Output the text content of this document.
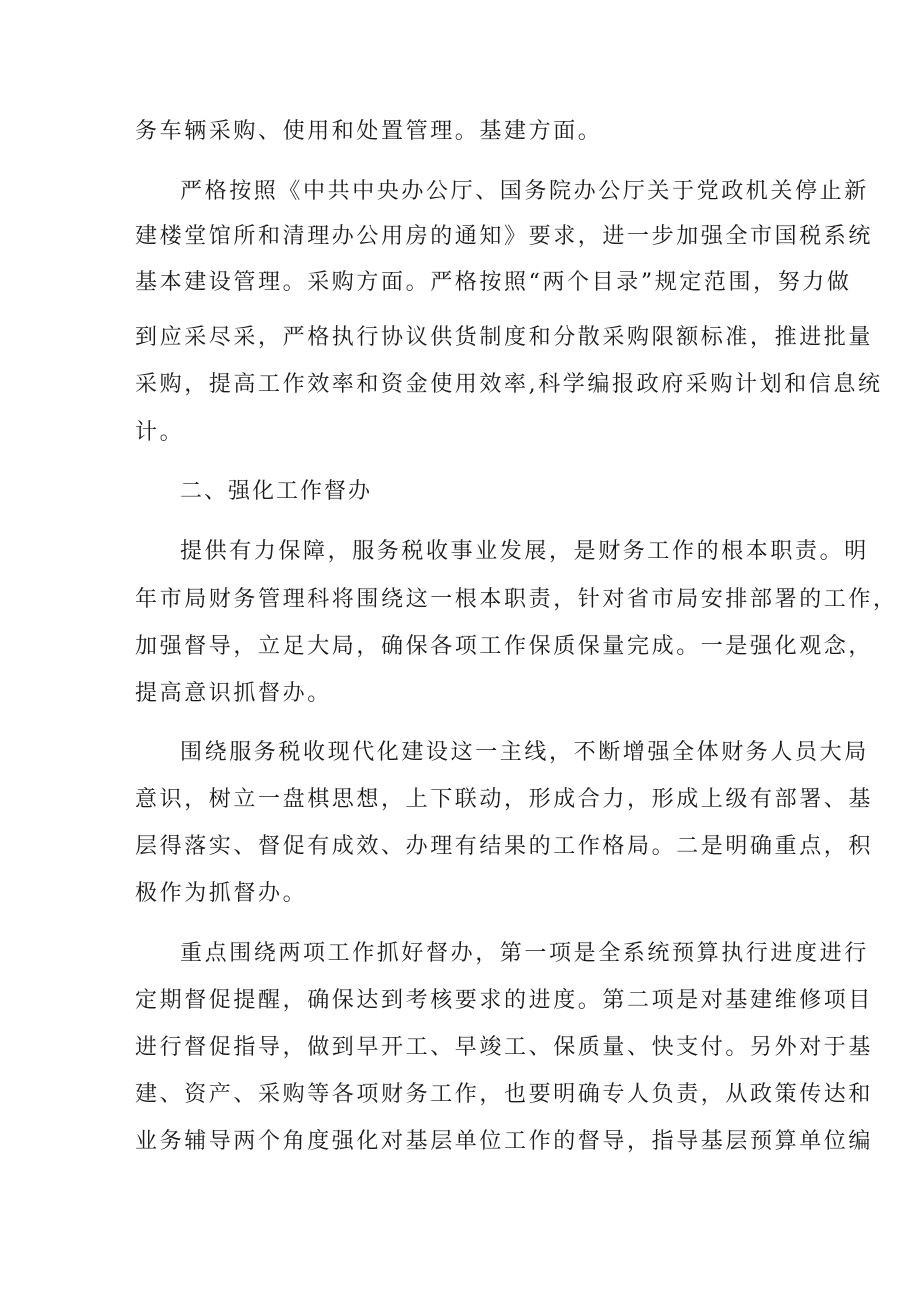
务车辆采购、使用和处置管理。基建方面。
严格按照《中共中央办公厅、国务院办公厅关于党政机关停止新
建楼堂馆所和清理办公用房的通知》要求，进一步加强全市国税系统
基本建设管理。采购方面。严格按照“两个目录”规定范围，努力做
到应采尽采，严格执行协议供货制度和分散采购限额标准，推进批量
采购，提高工作效率和资金使用效率,科学编报政府采购计划和信息统
计。
二、强化工作督办
提供有力保障，服务税收事业发展，是财务工作的根本职责。明
年市局财务管理科将围绕这一根本职责，针对省市局安排部署的工作，
加强督导，立足大局，确保各项工作保质保量完成。一是强化观念，
提高意识抓督办。
围绕服务税收现代化建设这一主线，不断增强全体财务人员大局
意识，树立一盘棋思想，上下联动，形成合力，形成上级有部署、基
层得落实、督促有成效、办理有结果的工作格局。二是明确重点，积
极作为抓督办。
重点围绕两项工作抓好督办，第一项是全系统预算执行进度进行
定期督促提醒，确保达到考核要求的进度。第二项是对基建维修项目
进行督促指导，做到早开工、早竣工、保质量、快支付。另外对于基
建、资产、采购等各项财务工作，也要明确专人负责，从政策传达和
业务辅导两个角度强化对基层单位工作的督导，指导基层预算单位编
